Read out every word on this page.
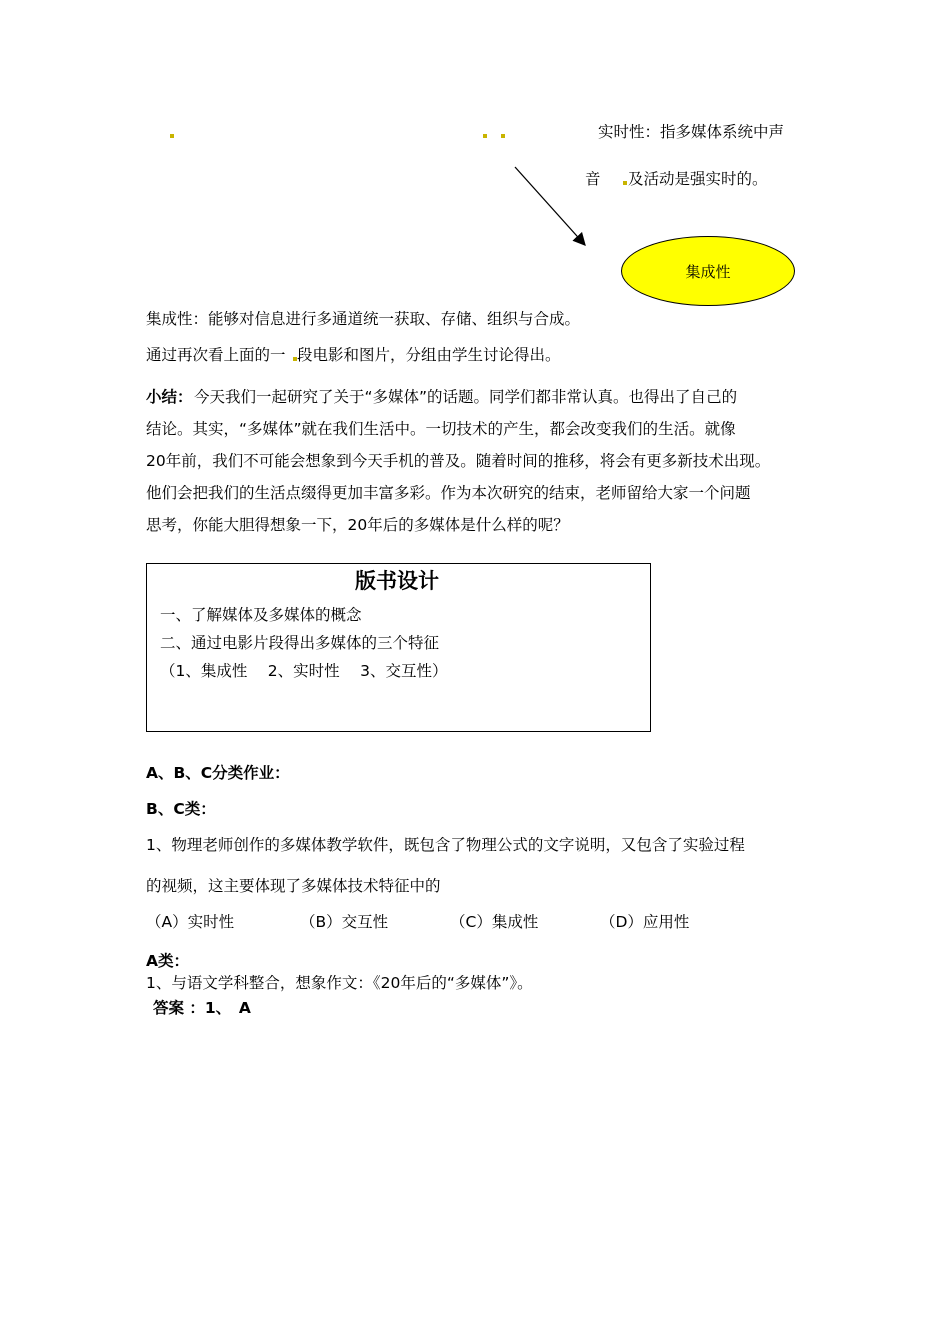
实时性：指多媒体系统中声
音 及活动是强实时的。
集成性
集成性：能够对信息进行多通道统一获取、存储、组织与合成。
通过再次看上面的一 段电影和图片，分组由学生讨论得出。
小结： 今天我们一起研究了关于“多媒体”的话题。同学们都非常认真。也得出了自己的
结论。其实，“多媒体”就在我们生活中。一切技术的产生，都会改变我们的生活。就像
20年前，我们不可能会想象到今天手机的普及。随着时间的推移，将会有更多新技术出现。
他们会把我们的生活点缀得更加丰富多彩。作为本次研究的结束，老师留给大家一个问题
思考，你能大胆得想象一下，20年后的多媒体是什么样的呢？
版书设计
一、了解媒体及多媒体的概念
二、通过电影片段得出多媒体的三个特征
（1、集成性　 2、实时性　 3、交互性）
A、B、C分类作业：
B、C类：
1、物理老师创作的多媒体教学软件，既包含了物理公式的文字说明，又包含了实验过程
的视频，这主要体现了多媒体技术特征中的
（A）实时性	（B）交互性	（C）集成性	（D）应用性
A类：
1、与语文学科整合，想象作文：《20年后的“多媒体”》。
答案 ：1、　A
